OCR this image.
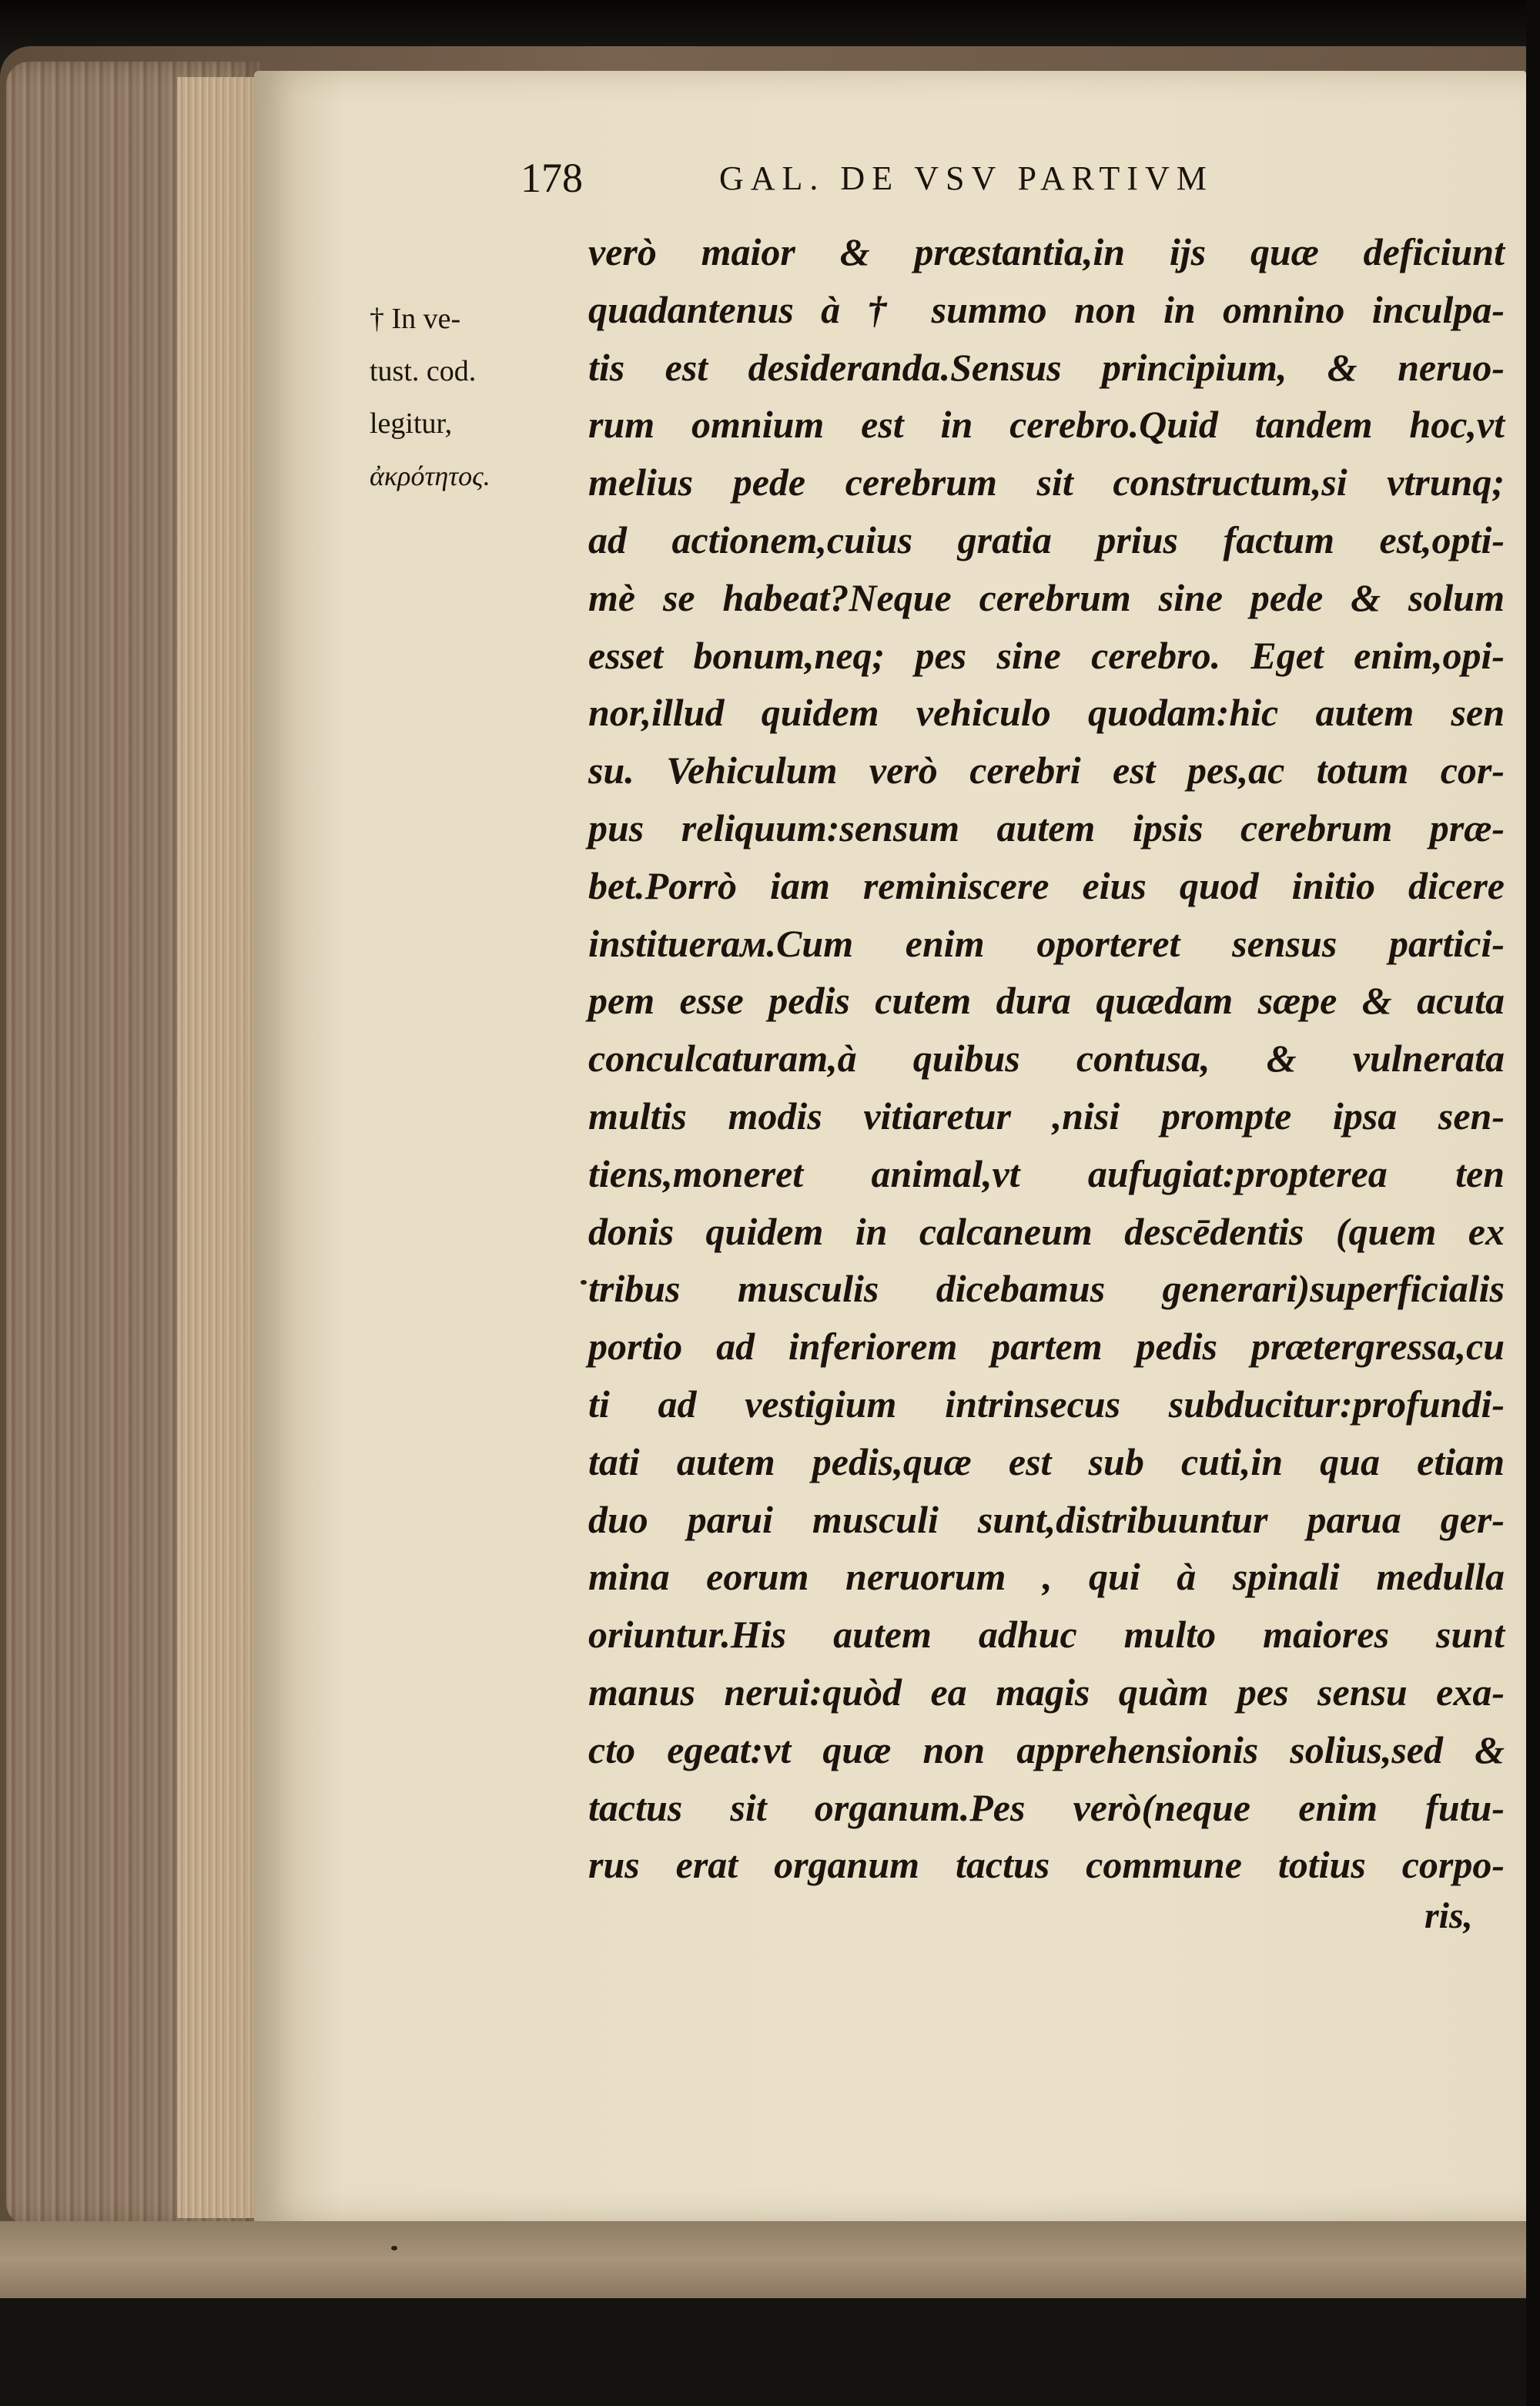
178	GAL. DE VSV PARTIVM
† In ve-
tust. cod.
legitur,
ἀκρότητος.
verò maior & præstantia,in ijs quæ deficiunt
quadantenus à † summo non in omnino inculpa-
tis est desideranda.Sensus principium, & neruo-
rum omnium est in cerebro.Quid tandem hoc,vt
melius pede cerebrum sit constructum,si vtrunq;
ad actionem,cuius gratia prius factum est,opti-
mè se habeat?Neque cerebrum sine pede & solum
esset bonum,neq; pes sine cerebro. Eget enim,opi-
nor,illud quidem vehiculo quodam:hic autem sen
su. Vehiculum verò cerebri est pes,ac totum cor-
pus reliquum:sensum autem ipsis cerebrum præ-
bet.Porrò iam reminiscere eius quod initio dicere
instituerам.Cum enim oporteret sensus partici-
pem esse pedis cutem dura quædam sæpe & acuta
conculcaturam,à quibus contusa, & vulnerata
multis modis vitiaretur ,nisi prompte ipsa sen-
tiens,moneret animal,vt aufugiat:propterea ten
donis quidem in calcaneum descēdentis (quem ex
tribus musculis dicebamus generari)superficialis
portio ad inferiorem partem pedis prætergressa,cu
ti ad vestigium intrinsecus subducitur:profundi-
tati autem pedis,quæ est sub cuti,in qua etiam
duo parui musculi sunt,distribuuntur parua ger-
mina eorum neruorum , qui à spinali medulla
oriuntur.His autem adhuc multo maiores sunt
manus nerui:quòd ea magis quàm pes sensu exa-
cto egeat:vt quæ non apprehensionis solius,sed &
tactus sit organum.Pes verò(neque enim futu-
rus erat organum tactus commune totius corpo-
ris,
